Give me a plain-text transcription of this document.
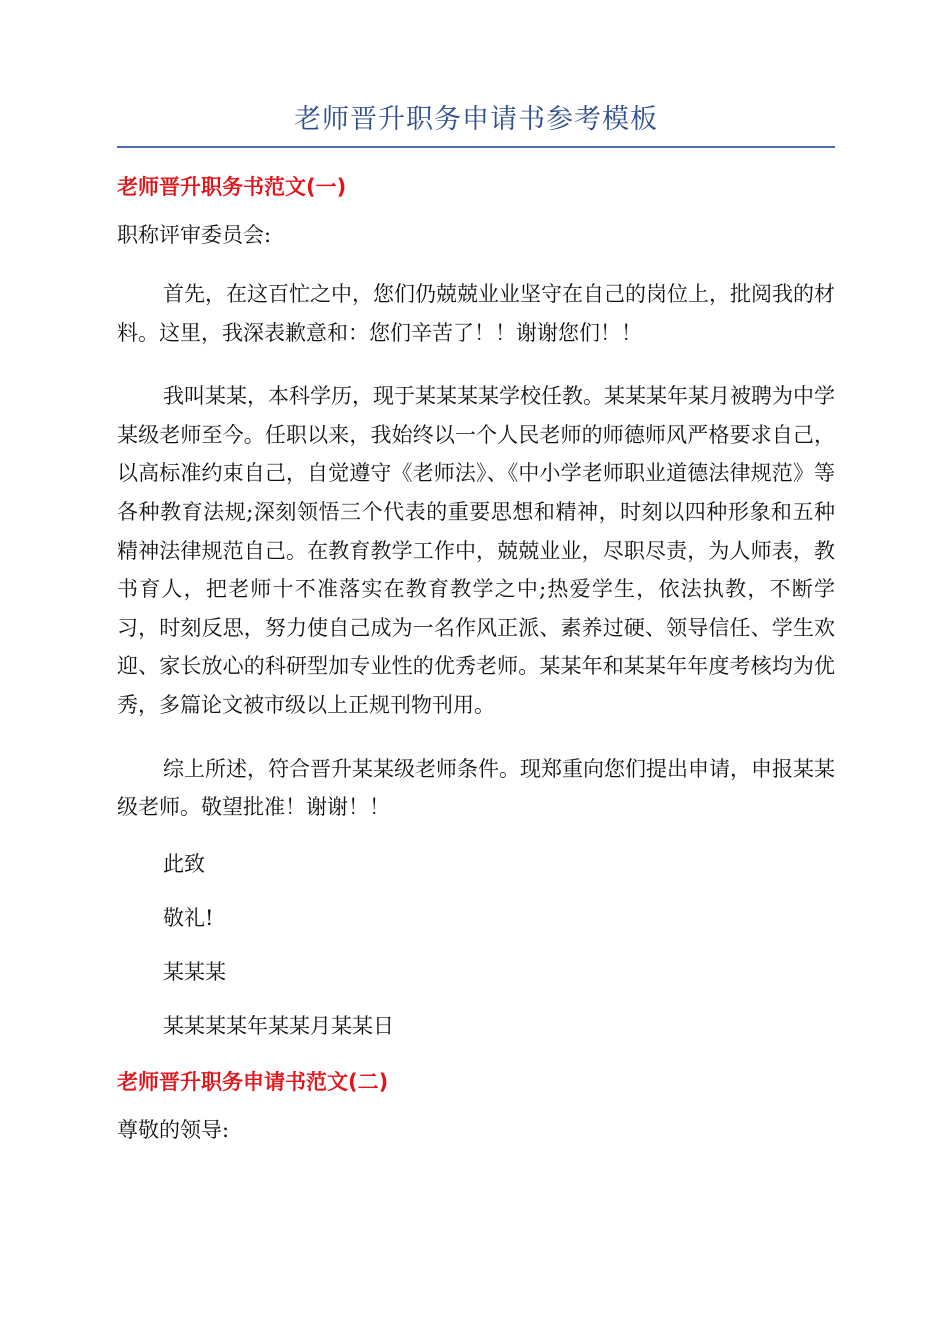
老师晋升职务申请书参考模板
老师晋升职务书范文(一)

职称评审委员会:

首先，在这百忙之中，您们仍兢兢业业坚守在自己的岗位上，批阅我的材料。这里，我深表歉意和：您们辛苦了！！谢谢您们！！

我叫某某，本科学历，现于某某某某学校任教。某某某年某月被聘为中学某级老师至今。任职以来，我始终以一个人民老师的师德师风严格要求自己，以高标准约束自己，自觉遵守《老师法》、《中小学老师职业道德法律规范》等各种教育法规;深刻领悟三个代表的重要思想和精神，时刻以四种形象和五种精神法律规范自己。在教育教学工作中，兢兢业业，尽职尽责，为人师表，教书育人，把老师十不准落实在教育教学之中;热爱学生，依法执教，不断学习，时刻反思，努力使自己成为一名作风正派、素养过硬、领导信任、学生欢迎、家长放心的科研型加专业性的优秀老师。某某年和某某年年度考核均为优秀，多篇论文被市级以上正规刊物刊用。

综上所述，符合晋升某某级老师条件。现郑重向您们提出申请，申报某某级老师。敬望批准！谢谢！！

此致

敬礼!

某某某

某某某某年某某月某某日

老师晋升职务申请书范文(二)

尊敬的领导:
